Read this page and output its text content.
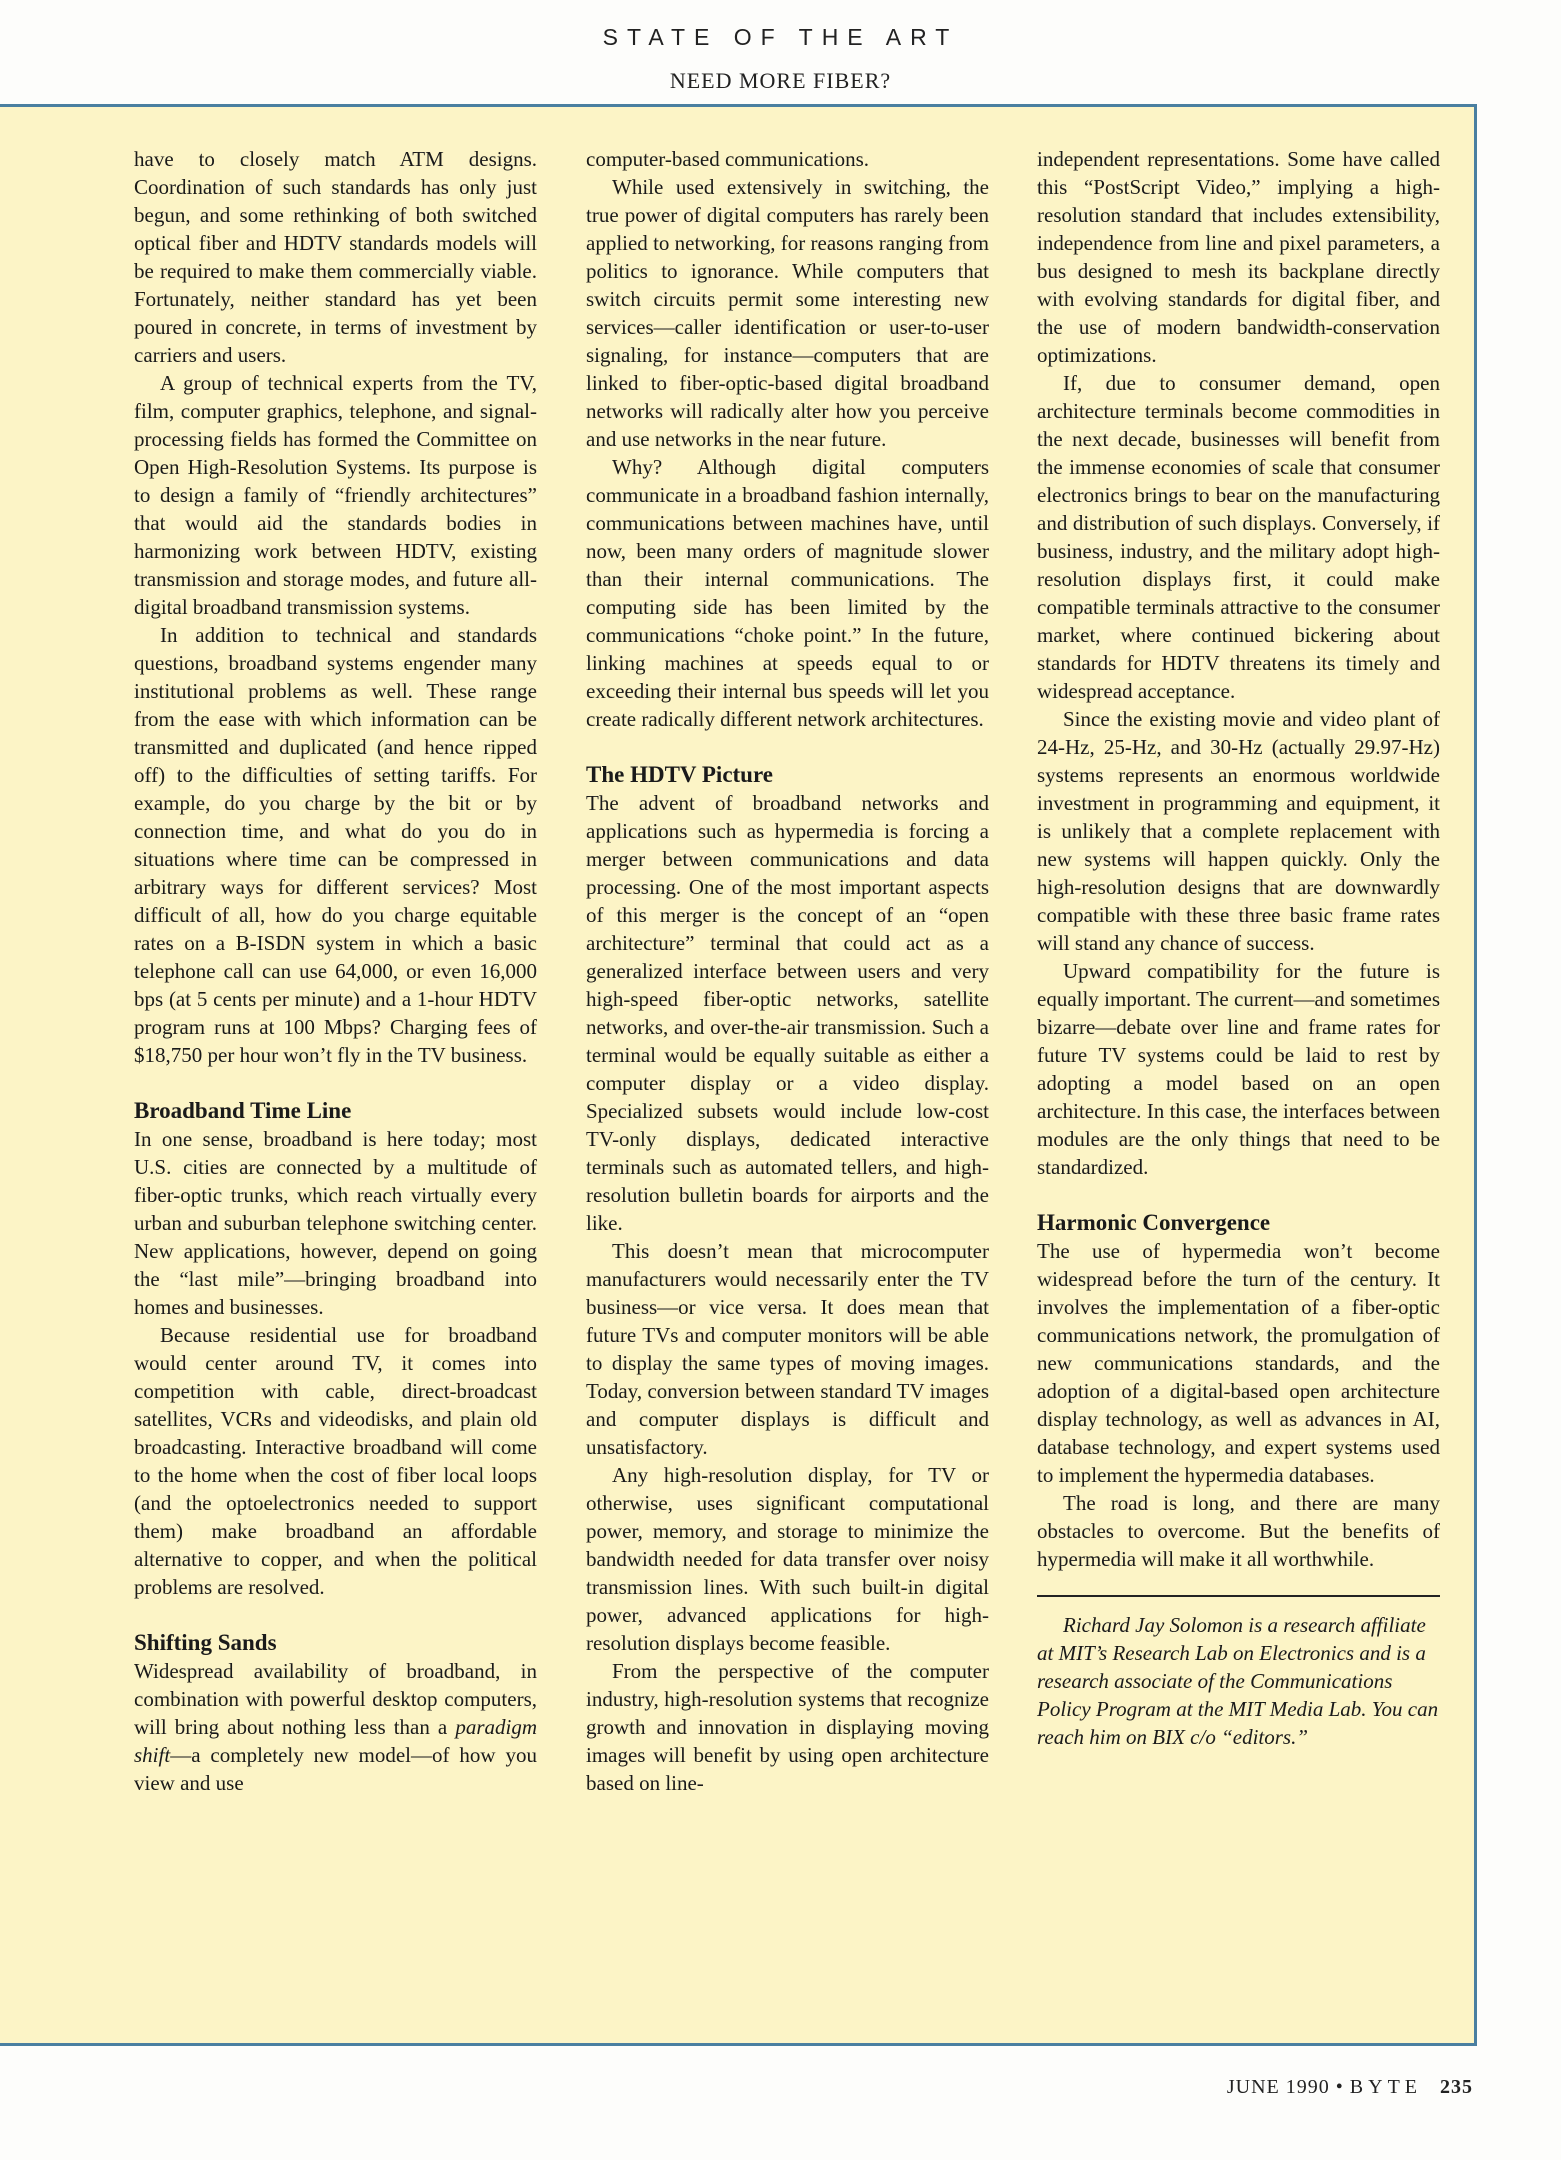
STATE OF THE ART
NEED MORE FIBER?

have to closely match ATM designs. Coordination of such standards has only just begun, and some rethinking of both switched optical fiber and HDTV standards models will be required to make them commercially viable. Fortunately, neither standard has yet been poured in concrete, in terms of investment by carriers and users.

A group of technical experts from the TV, film, computer graphics, telephone, and signal-processing fields has formed the Committee on Open High-Resolution Systems. Its purpose is to design a family of “friendly architectures” that would aid the standards bodies in harmonizing work between HDTV, existing transmission and storage modes, and future all-digital broadband transmission systems.

In addition to technical and standards questions, broadband systems engender many institutional problems as well. These range from the ease with which information can be transmitted and duplicated (and hence ripped off) to the difficulties of setting tariffs. For example, do you charge by the bit or by connection time, and what do you do in situations where time can be compressed in arbitrary ways for different services? Most difficult of all, how do you charge equitable rates on a B-ISDN system in which a basic telephone call can use 64,000, or even 16,000 bps (at 5 cents per minute) and a 1-hour HDTV program runs at 100 Mbps? Charging fees of $18,750 per hour won’t fly in the TV business.

Broadband Time Line

In one sense, broadband is here today; most U.S. cities are connected by a multitude of fiber-optic trunks, which reach virtually every urban and suburban telephone switching center. New applications, however, depend on going the “last mile”—bringing broadband into homes and businesses.

Because residential use for broadband would center around TV, it comes into competition with cable, direct-broadcast satellites, VCRs and videodisks, and plain old broadcasting. Interactive broadband will come to the home when the cost of fiber local loops (and the optoelectronics needed to support them) make broadband an affordable alternative to copper, and when the political problems are resolved.

Shifting Sands

Widespread availability of broadband, in combination with powerful desktop computers, will bring about nothing less than a paradigm shift—a completely new model—of how you view and use

computer-based communications.

While used extensively in switching, the true power of digital computers has rarely been applied to networking, for reasons ranging from politics to ignorance. While computers that switch circuits permit some interesting new services—caller identification or user-to-user signaling, for instance—computers that are linked to fiber-optic-based digital broadband networks will radically alter how you perceive and use networks in the near future.

Why? Although digital computers communicate in a broadband fashion internally, communications between machines have, until now, been many orders of magnitude slower than their internal communications. The computing side has been limited by the communications “choke point.” In the future, linking machines at speeds equal to or exceeding their internal bus speeds will let you create radically different network architectures.

The HDTV Picture

The advent of broadband networks and applications such as hypermedia is forcing a merger between communications and data processing. One of the most important aspects of this merger is the concept of an “open architecture” terminal that could act as a generalized interface between users and very high-speed fiber-optic networks, satellite networks, and over-the-air transmission. Such a terminal would be equally suitable as either a computer display or a video display. Specialized subsets would include low-cost TV-only displays, dedicated interactive terminals such as automated tellers, and high-resolution bulletin boards for airports and the like.

This doesn’t mean that microcomputer manufacturers would necessarily enter the TV business—or vice versa. It does mean that future TVs and computer monitors will be able to display the same types of moving images. Today, conversion between standard TV images and computer displays is difficult and unsatisfactory.

Any high-resolution display, for TV or otherwise, uses significant computational power, memory, and storage to minimize the bandwidth needed for data transfer over noisy transmission lines. With such built-in digital power, advanced applications for high-resolution displays become feasible.

From the perspective of the computer industry, high-resolution systems that recognize growth and innovation in displaying moving images will benefit by using open architecture based on line-

independent representations. Some have called this “PostScript Video,” implying a high-resolution standard that includes extensibility, independence from line and pixel parameters, a bus designed to mesh its backplane directly with evolving standards for digital fiber, and the use of modern bandwidth-conservation optimizations.

If, due to consumer demand, open architecture terminals become commodities in the next decade, businesses will benefit from the immense economies of scale that consumer electronics brings to bear on the manufacturing and distribution of such displays. Conversely, if business, industry, and the military adopt high-resolution displays first, it could make compatible terminals attractive to the consumer market, where continued bickering about standards for HDTV threatens its timely and widespread acceptance.

Since the existing movie and video plant of 24-Hz, 25-Hz, and 30-Hz (actually 29.97-Hz) systems represents an enormous worldwide investment in programming and equipment, it is unlikely that a complete replacement with new systems will happen quickly. Only the high-resolution designs that are downwardly compatible with these three basic frame rates will stand any chance of success.

Upward compatibility for the future is equally important. The current—and sometimes bizarre—debate over line and frame rates for future TV systems could be laid to rest by adopting a model based on an open architecture. In this case, the interfaces between modules are the only things that need to be standardized.

Harmonic Convergence

The use of hypermedia won’t become widespread before the turn of the century. It involves the implementation of a fiber-optic communications network, the promulgation of new communications standards, and the adoption of a digital-based open architecture display technology, as well as advances in AI, database technology, and expert systems used to implement the hypermedia databases.

The road is long, and there are many obstacles to overcome. But the benefits of hypermedia will make it all worthwhile.

Richard Jay Solomon is a research affiliate at MIT’s Research Lab on Electronics and is a research associate of the Communications Policy Program at the MIT Media Lab. You can reach him on BIX c/o “editors.”

JUNE 1990 • BYTE 235
